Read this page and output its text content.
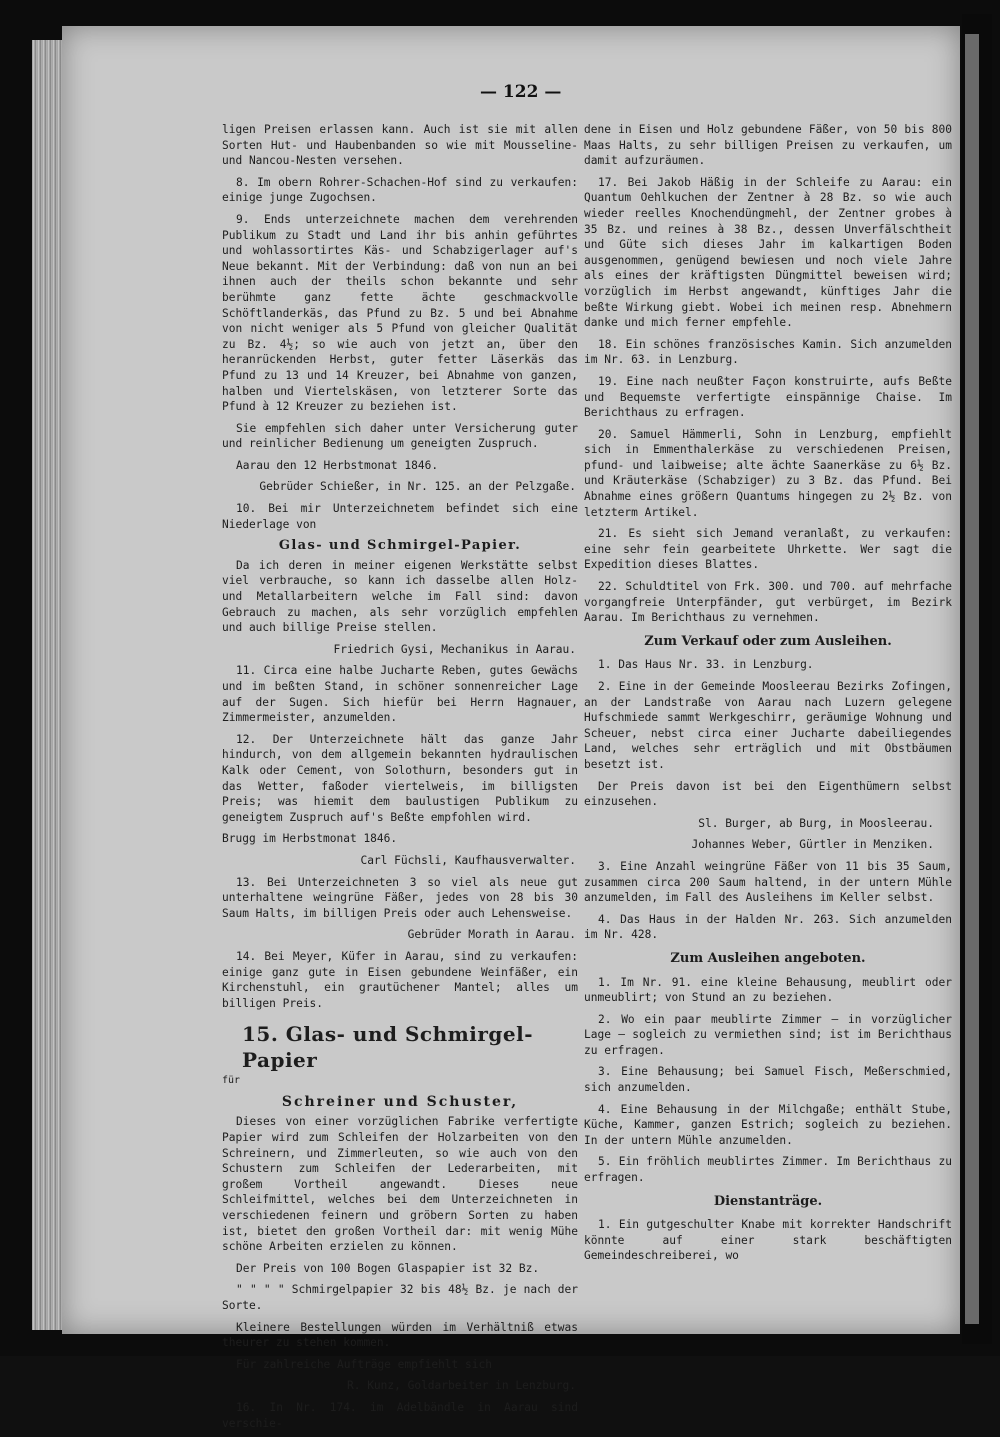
— 122 —

ligen Preisen erlassen kann. Auch ist sie mit allen Sorten Hut- und Haubenbanden so wie mit Mousseline-und Nancou-Nesten versehen.

8. Im obern Rohrer-Schachen-Hof sind zu verkaufen: einige junge Zugochsen.

9. Ends unterzeichnete machen dem verehrenden Publikum zu Stadt und Land ihr bis anhin geführtes und wohlassortirtes Käs- und Schabzigerlager auf's Neue bekannt. Mit der Verbindung: daß von nun an bei ihnen auch der theils schon bekannte und sehr berühmte ganz fette ächte geschmackvolle Schöftlanderkäs, das Pfund zu Bz. 5 und bei Abnahme von nicht weniger als 5 Pfund von gleicher Qualität zu Bz. 4½; so wie auch von jetzt an, über den heranrückenden Herbst, guter fetter Läserkäs das Pfund zu 13 und 14 Kreuzer, bei Abnahme von ganzen, halben und Viertelskäsen, von letzterer Sorte das Pfund à 12 Kreuzer zu beziehen ist.

Sie empfehlen sich daher unter Versicherung guter und reinlicher Bedienung um geneigten Zuspruch.

Aarau den 12 Herbstmonat 1846.

Gebrüder Schießer, in Nr. 125. an der Pelzgaße.

10. Bei mir Unterzeichnetem befindet sich eine Niederlage von

Glas- und Schmirgel-Papier.

Da ich deren in meiner eigenen Werkstätte selbst viel verbrauche, so kann ich dasselbe allen Holz- und Metallarbeitern welche im Fall sind: davon Gebrauch zu machen, als sehr vorzüglich empfehlen und auch billige Preise stellen.

Friedrich Gysi, Mechanikus in Aarau.

11. Circa eine halbe Jucharte Reben, gutes Gewächs und im beßten Stand, in schöner sonnenreicher Lage auf der Sugen. Sich hiefür bei Herrn Hagnauer, Zimmermeister, anzumelden.

12. Der Unterzeichnete hält das ganze Jahr hindurch, von dem allgemein bekannten hydraulischen Kalk oder Cement, von Solothurn, besonders gut in das Wetter, faßoder viertelweis, im billigsten Preis; was hiemit dem baulustigen Publikum zu geneigtem Zuspruch auf's Beßte empfohlen wird.

Brugg im Herbstmonat 1846.

Carl Füchsli, Kaufhausverwalter.

13. Bei Unterzeichneten 3 so viel als neue gut unterhaltene weingrüne Fäßer, jedes von 28 bis 30 Saum Halts, im billigen Preis oder auch Lehensweise.

Gebrüder Morath in Aarau.

14. Bei Meyer, Küfer in Aarau, sind zu verkaufen: einige ganz gute in Eisen gebundene Weinfäßer, ein Kirchenstuhl, ein grautüchener Mantel; alles um billigen Preis.

15. Glas- und Schmirgel-Papier

für

Schreiner und Schuster,

Dieses von einer vorzüglichen Fabrike verfertigte Papier wird zum Schleifen der Holzarbeiten von den Schreinern, und Zimmerleuten, so wie auch von den Schustern zum Schleifen der Lederarbeiten, mit großem Vortheil angewandt. Dieses neue Schleifmittel, welches bei dem Unterzeichneten in verschiedenen feinern und gröbern Sorten zu haben ist, bietet den großen Vortheil dar: mit wenig Mühe schöne Arbeiten erzielen zu können.

Der Preis von 100 Bogen Glaspapier ist 32 Bz.

" " " " Schmirgelpapier 32 bis 48½ Bz. je nach der Sorte.

Kleinere Bestellungen würden im Verhältniß etwas theurer zu stehen kommen.

Für zahlreiche Aufträge empfiehlt sich

R. Kunz, Goldarbeiter in Lenzburg.

16. In Nr. 174. im Adelbändle in Aarau sind verschie-

dene in Eisen und Holz gebundene Fäßer, von 50 bis 800 Maas Halts, zu sehr billigen Preisen zu verkaufen, um damit aufzuräumen.

17. Bei Jakob Häßig in der Schleife zu Aarau: ein Quantum Oehlkuchen der Zentner à 28 Bz. so wie auch wieder reelles Knochendüngmehl, der Zentner grobes à 35 Bz. und reines à 38 Bz., dessen Unverfälschtheit und Güte sich dieses Jahr im kalkartigen Boden ausgenommen, genügend bewiesen und noch viele Jahre als eines der kräftigsten Düngmittel beweisen wird; vorzüglich im Herbst angewandt, künftiges Jahr die beßte Wirkung giebt. Wobei ich meinen resp. Abnehmern danke und mich ferner empfehle.

18. Ein schönes französisches Kamin. Sich anzumelden im Nr. 63. in Lenzburg.

19. Eine nach neußter Façon konstruirte, aufs Beßte und Bequemste verfertigte einspännige Chaise. Im Berichthaus zu erfragen.

20. Samuel Hämmerli, Sohn in Lenzburg, empfiehlt sich in Emmenthalerkäse zu verschiedenen Preisen, pfund- und laibweise; alte ächte Saanerkäse zu 6½ Bz. und Kräuterkäse (Schabziger) zu 3 Bz. das Pfund. Bei Abnahme eines größern Quantums hingegen zu 2½ Bz. von letzterm Artikel.

21. Es sieht sich Jemand veranlaßt, zu verkaufen: eine sehr fein gearbeitete Uhrkette. Wer sagt die Expedition dieses Blattes.

22. Schuldtitel von Frk. 300. und 700. auf mehrfache vorgangfreie Unterpfänder, gut verbürget, im Bezirk Aarau. Im Berichthaus zu vernehmen.

Zum Verkauf oder zum Ausleihen.

1. Das Haus Nr. 33. in Lenzburg.

2. Eine in der Gemeinde Moosleerau Bezirks Zofingen, an der Landstraße von Aarau nach Luzern gelegene Hufschmiede sammt Werkgeschirr, geräumige Wohnung und Scheuer, nebst circa einer Jucharte dabeiliegendes Land, welches sehr erträglich und mit Obstbäumen besetzt ist.

Der Preis davon ist bei den Eigenthümern selbst einzusehen.

Sl. Burger, ab Burg, in Moosleerau.

Johannes Weber, Gürtler in Menziken.

3. Eine Anzahl weingrüne Fäßer von 11 bis 35 Saum, zusammen circa 200 Saum haltend, in der untern Mühle anzumelden, im Fall des Ausleihens im Keller selbst.

4. Das Haus in der Halden Nr. 263. Sich anzumelden im Nr. 428.

Zum Ausleihen angeboten.

1. Im Nr. 91. eine kleine Behausung, meublirt oder unmeublirt; von Stund an zu beziehen.

2. Wo ein paar meublirte Zimmer — in vorzüglicher Lage — sogleich zu vermiethen sind; ist im Berichthaus zu erfragen.

3. Eine Behausung; bei Samuel Fisch, Meßerschmied, sich anzumelden.

4. Eine Behausung in der Milchgaße; enthält Stube, Küche, Kammer, ganzen Estrich; sogleich zu beziehen. In der untern Mühle anzumelden.

5. Ein fröhlich meublirtes Zimmer. Im Berichthaus zu erfragen.

Dienstanträge.

1. Ein gutgeschulter Knabe mit korrekter Handschrift könnte auf einer stark beschäftigten Gemeindeschreiberei, wo
